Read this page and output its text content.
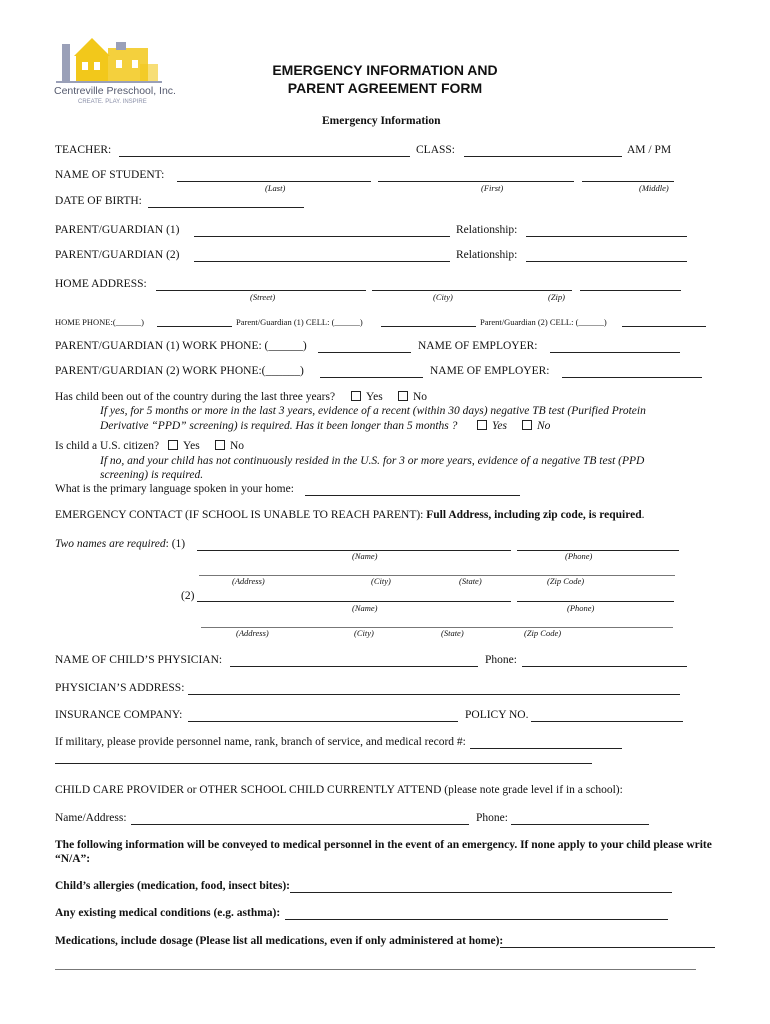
Centreville Preschool, Inc.
CREATE. PLAY. INSPIRE
EMERGENCY INFORMATION AND
PARENT AGREEMENT FORM
Emergency Information
TEACHER:	CLASS:	AM / PM
NAME OF STUDENT:
(Last)	(First)	(Middle)
DATE OF BIRTH:
PARENT/GUARDIAN (1)	Relationship:
PARENT/GUARDIAN (2)	Relationship:
HOME ADDRESS:
(Street)	(City)	(Zip)
HOME PHONE:(______)	Parent/Guardian (1) CELL: (______)	Parent/Guardian (2) CELL: (______)
PARENT/GUARDIAN (1) WORK PHONE: (______)	NAME OF EMPLOYER:
PARENT/GUARDIAN (2) WORK PHONE:(______)	NAME OF EMPLOYER:
Has child been out of the country during the last three years?	Yes	No
If yes, for 5 months or more in the last 3 years, evidence of a recent (within 30 days) negative TB test (Purified Protein
Derivative “PPD” screening) is required. Has it been longer than 5 months ?	Yes	No
Is child a U.S. citizen? Yes	No
If no, and your child has not continuously resided in the U.S. for 3 or more years, evidence of a negative TB test (PPD
screening) is required.
What is the primary language spoken in your home:
EMERGENCY CONTACT (IF SCHOOL IS UNABLE TO REACH PARENT): Full Address, including zip code, is required.
Two names are required: (1)
(Name)	(Phone)
(Address)	(City)	(State)	(Zip Code)
(2)
(Name)	(Phone)
(Address)	(City)	(State)	(Zip Code)
NAME OF CHILD’S PHYSICIAN:	Phone:
PHYSICIAN’S ADDRESS:
INSURANCE COMPANY:	POLICY NO.
If military, please provide personnel name, rank, branch of service, and medical record #:
CHILD CARE PROVIDER or OTHER SCHOOL CHILD CURRENTLY ATTEND (please note grade level if in a school):
Name/Address:	Phone:
The following information will be conveyed to medical personnel in the event of an emergency. If none apply to your child please write
“N/A”:
Child’s allergies (medication, food, insect bites):
Any existing medical conditions (e.g. asthma):
Medications, include dosage (Please list all medications, even if only administered at home):
